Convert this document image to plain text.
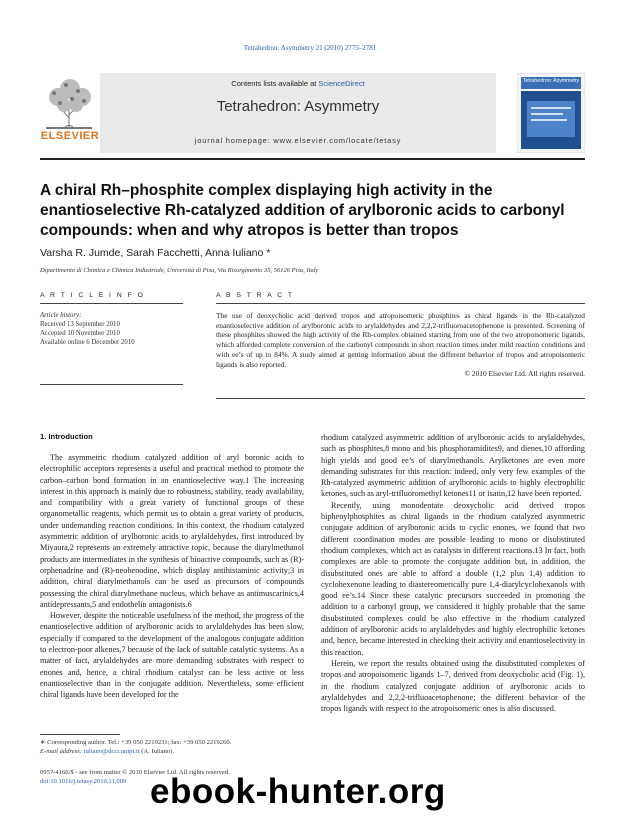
Tetrahedron: Asymmetry 21 (2010) 2775–2781
ELSEVIER
Contents lists available at ScienceDirect
Tetrahedron: Asymmetry
journal homepage: www.elsevier.com/locate/tetasy
Tetrahedron: Asymmetry
A chiral Rh–phosphite complex displaying high activity in the
enantioselective Rh-catalyzed addition of arylboronic acids to carbonyl
compounds: when and why atropos is better than tropos
Varsha R. Jumde, Sarah Facchetti, Anna Iuliano *
Dipartimento di Chimica e Chimica Industriale, Università di Pisa, Via Risorgimento 35, 56126 Pisa, Italy
A R T I C L E I N F O
Article history:
Received 13 September 2010
Accepted 10 November 2010
Available online 6 December 2010
A B S T R A C T
The use of deoxycholic acid derived tropos and atropoisomeric phosphites as chiral ligands in the Rh-catalyzed enantioselective addition of arylboronic acids to arylaldehydes and 2,2,2-trifluoroacetophenone is presented. Screening of these phosphites showed the high activity of the Rh-complex obtained starting from one of the two atropoisomeric ligands, which afforded complete conversion of the carbonyl compounds in short reaction times under mild reaction conditions and with ee’s of up to 84%. A study aimed at getting information about the different behavior of tropos and atropoisomeric ligands is also reported.
© 2010 Elsevier Ltd. All rights reserved.
1. Introduction

The asymmetric rhodium catalyzed addition of aryl boronic acids to electrophilic acceptors represents a useful and practical method to promote the carbon–carbon bond formation in an enantioselective way.1 The increasing interest in this approach is mainly due to robustness, stability, ready availability, and compatibility with a great variety of functional groups of these organometallic reagents, which permit us to obtain a great variety of products, under undemanding reaction conditions. In this context, the rhodium catalyzed asymmetric addition of arylboronic acids to arylaldehydes, first introduced by Miyaura,2 represents an extremely attractive topic, because the diarylmethanol products are intermediates in the synthesis of bioactive compounds, such as (R)-orphenadrine and (R)-neobenodine, which display antihistaminic activity;3 in addition, chiral diarylmethanols can be used as precursors of compounds possessing the chiral diarylmethane nucleus, which behave as antimuscarinics,4 antidepressants,5 and endothelin antagonists.6

However, despite the noticeable usefulness of the method, the progress of the enantioselective addition of arylboronic acids to arylaldehydes has been slow, especially if compared to the development of the analogous conjugate addition to electron-poor alkenes,7 because of the lack of suitable catalytic systems. As a matter of fact, arylaldehydes are more demanding substrates with respect to enones and, hence, a chiral rhodium catalyst can be less active or less enantioselective than in the conjugate addition. Nevertheless, some efficient chiral ligands have been developed for the

rhodium catalyzed asymmetric addition of arylboronic acids to arylaldehydes, such as phosphites,8 mono and bis phosphoramidites9, and dienes,10 affording high yields and good ee’s of diarylmethanols. Arylketones are even more demanding substrates for this reaction: indeed, only very few examples of the Rh-catalyzed asymmetric addition of arylboronic acids to highly electrophilic ketones, such as aryl-trifluoromethyl ketones11 or isatin,12 have been reported.

Recently, using monodentate deoxycholic acid derived tropos biphenylphosphites as chiral ligands in the rhodium catalyzed asymmetric conjugate addition of arylboronic acids to cyclic enones, we found that two different coordination modes are possible leading to mono or disubstituted rhodium complexes, which act as catalysts in different reactions.13 In fact, both complexes are able to promote the conjugate addition but, in addition, the disubstituted ones are able to afford a double (1,2 plus 1,4) addition to cyclohexenone leading to diastereomerically pure 1,4-diarylcyclohexanols with good ee’s.14 Since these catalytic precursors succeeded in promoting the addition to a carbonyl group, we considered it highly probable that the same disubstituted complexes could be also effective in the rhodium catalyzed addition of arylboronic acids to arylaldehydes and highly electrophilic ketones and, hence, became interested in checking their activity and enantioselectivity in this reaction.

Herein, we report the results obtained using the disubstituted complexes of tropos and atropoisomeric ligands 1–7, derived from deoxycholic acid (Fig. 1), in the rhodium catalyzed conjugate addition of arylboronic acids to arylaldehydes and 2,2,2-trifluoacetophenone; the different behavior of the tropos ligands with respect to the atropoisomeric ones is also discussed.

∗ Corresponding author. Tel.: +39 050 2219231; fax: +39 050 2219260.
E-mail address: iuliano@dcci.unipi.it (A. Iuliano).
0957-4166/$ - see front matter © 2010 Elsevier Ltd. All rights reserved.
doi:10.1016/j.tetasy.2010.11.009 ebook-hunter.org
